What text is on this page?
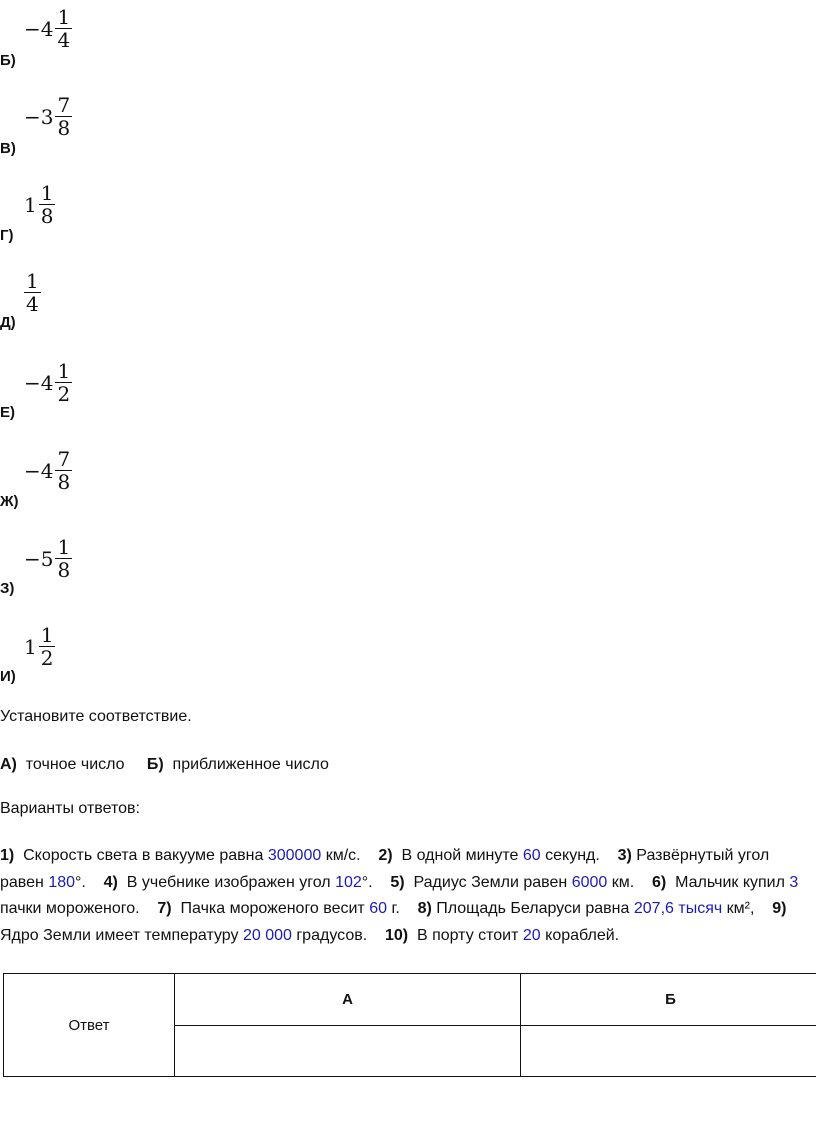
Б)
$-4 \frac{1}{4}$
В)
$-3 \frac{7}{8}$
Г)
$1 \frac{1}{8}$
Д)
$\frac{1}{4}$
Е)
$-4 \frac{1}{2}$
Ж)
$-4 \frac{7}{8}$
З)
$-5 \frac{1}{8}$
И)
$1 \frac{1}{2}$
Установите соответствие.
А) точное число Б) приближенное число
Варианты ответов:
1) Скорость света в вакууме равна 300000 км/с. 2) В одной минуте 60 секунд. 3) Развёрнутый угол равен 180°. 4) В учебнике изображен угол 102°. 5) Радиус Земли равен 6000 км. 6) Мальчик купил 3 пачки мороженого. 7) Пачка мороженого весит 60 г. 8) Площадь Беларуси равна 207,6 тысяч км²,    9)  Ядро Земли имеет температуру 20 000 градусов. 10) В порту стоит 20 кораблей.
Ответ	А	Б
